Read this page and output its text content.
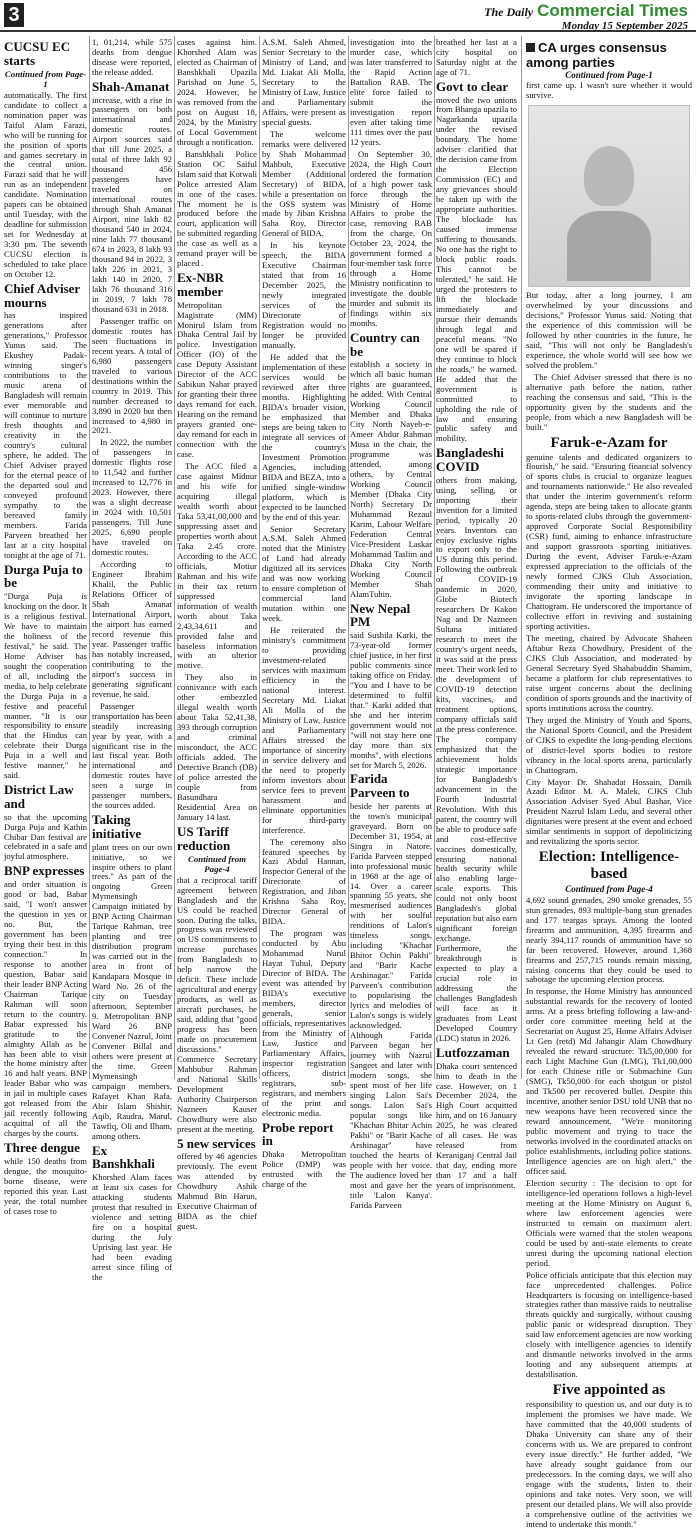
3	The Daily Commercial Times
Monday 15 September 2025
CUCSU EC starts
Continued from Page-1

automatically. The first candidate to collect a nomination paper was Taiful Alam Farazi, who will be running for the position of sports and games secretary in the central union. Farazi said that he will run as an independent candidate. Nomination papers can be obtained until Tuesday, with the deadline for submission set for Wednesday at 3:30 pm. The seventh CUCSU election is scheduled to take place on October 12.

Chief Adviser mourns

has inspired generations after generations," Professor Yunus said. The Ekushey Padak-winning singer's contributions to the music arena of Bangladesh will remain ever memorable and will continue to nurture fresh thoughts and creativity in the country's cultural sphere, he added. The Chief Adviser prayed for the eternal peace of the departed soul and conveyed profound sympathy to the bereaved family members. Farida Parveen breathed her last at a city hospital tonight at the age of 71.

Durga Puja to be

"Durga Puja is knocking on the door. It is a religious festival. We have to maintain the holiness of the festival," he said. The Home Adviser has sought the cooperation of all, including the media, to help celebrate the Durga Puja in a festive and peaceful manner. "It is our responsibility to ensure that the Hindus can celebrate their Durga Puja in a well and festive manner," he said.

District Law and

so that the upcoming Durga Puja and Kathin Chibar Dan festival are celebrated in a safe and joyful atmosphere.

BNP expresses

and order situation is good or bad, Babar said, "I won't answer the question in yes or no. But, the government has been trying their best in this connection." In response to another question, Babar said their leader BNP Acting Chairman Tarique Rahman will soon return to the country. Babar expressed his gratitude to the almighty Allah as he has been able to visit the home ministry after 16 and half years. BNP leader Babar who was in jail in multiple cases got released from the jail recently following acquittal of all the charges by the courts.

Three dengue

while 150 deaths from dengue, the mosquito-borne disease, were reported this year. Last year, the total number of cases rose to

1, 01,214, while 575 deaths from dengue disease were reported, the release added.

Shah-Amanat

increase, with a rise in passengers on both international and domestic routes. Airport sources said that till June 2025, a total of three lakh 92 thousand 456 passengers have traveled on international routes through Shah Amanat Airport, nine lakh 82 thousand 540 in 2024, nine lakh 77 thousand 674 in 2023, 8 lakh 93 thousand 94 in 2022, 3 lakh 226 in 2021, 3 lakh 140 in 2020, 7 lakh 76 thousand 316 in 2019, 7 lakh 78 thousand 631 in 2018.

Passenger traffic on domestic routes has seen fluctuations in recent years. A total of 6,980 passengers traveled to various destinations within the country in 2019. This number decreased to 3,890 in 2020 but then increased to 4,980 in 2021.

In 2022, the number of passengers in domestic flights rose to 11,542 and further increased to 12,776 in 2023. However, there was a slight decrease in 2024 with 10,501 passengers. Till June 2025, 6,690 people have traveled on domestic routes.

According to Engineer Ibrahim Khalil, the Public Relations Officer of Shah Amanat International Airport, the airport has earned record revenue this year. Passenger traffic has notably increased, contributing to the airport's success in generating significant revenue, he said.

Passenger transportation has been steadily increasing year by year, with a significant rise in the last fiscal year. Both international and domestic routes have seen a surge in passenger numbers, the sources added.

Taking initiative

plant trees on our own initiative, so we inspire others to plant trees." As part of the ongoing Green Mymensingh Campaign initiated by BNP Acting Chairman Tarique Rahman, tree planting and tree distribution program was carried out in the area in front of Kandapara Mosque in Ward No. 26 of the city on Tuesday afternoon, September 9. Metropolitan BNP Ward 26 BNP Convener Nazrul, Joint Convener Billal and others were present at the time. Green Mymensingh campaign members, Rafayet Khan Rafa, Abir Islam Shishir, Aqib, Raudra, Marul, Tawfiq, Oli and Ilham, among others.

Ex Banshkhali

Khorshed Alam faces at least six cases for attacking students protest that resulted in violence and setting fire on a hospital during the July Uprising last year. He had been evading arrest since filing of the

cases against him. Khorshed Alam was elected as Chairman of Banshkhali Upazila Parishad on June 5, 2024. However, he was removed from the post on August 18, 2024, by the Ministry of Local Government through a notification.

Banshkhali Police Station OC Saiful Islam said that Kotwali Police arrested Alam in one of the cases. The moment he is produced before the court, application will be submitted regarding the case as well as a remand prayer will be placed .

Ex-NBR member

Metropolitan Magistrate (MM) Monirul Islam from Dhaka Central Jail by police. Investigation Officer (IO) of the case Deputy Assistant Director of the ACC Sabikun Nahar prayed for granting their three days remand for each. Hearing on the remand prayers granted one-day remand for each in connection with the case.

The ACC filed a case against Midnur and his wife for acquiring illegal wealth worth about Taka 53,41,00,000 and suppressing asset and properties worth about Taka 2.45 crore. According to the ACC officials, Motiur Rahman and his wife in their tax return suppressed information of wealth worth about Taka 2,43,34,611 and provided false and baseless information with an ulterior motive.

They also in connivance with each other embezzled illegal wealth worth about Taka 52,41,38, 393 through corruption and criminal misconduct, the ACC officials added. The Detective Branch (DB) of police arrested the couple from Basundhara Residential Area on January 14 last.

US Tariff reduction
Continued from Page-4

that a reciprocal tariff agreement between Bangladesh and the US could be reached soon. During the talks, progress was reviewed on US commitments to increase purchases from Bangladesh to help narrow the deficit. These include agricultural and energy products, as well as aircraft purchases, he said, adding that "good progress has been made on procurement discussions." Commerce Secretary Mahbubur Rahman and National Skills Development Authority Chairperson Nazneen Kauser Chowdhury were also present at the meeting.

5 new services

offered by 46 agencies previously. The event was attended by Chowdhury Ashik Mahmud Bin Harun, Executive Chairman of BIDA as the chief guest.

A.S.M. Saleh Ahmed, Senior Secretary to the Ministry of Land, and Md. Liakat Ali Molla, Secretary to the Ministry of Law, Justice and Parliamentary Affairs, were present as special guests.

The welcome remarks were delivered by Shah Mohammad Mahbub, Executive Member (Additional Secretary) of BIDA, while a presentation on the OSS system was made by Jiban Krishna Saha Roy, Director General of BIDA.

In his keynote speech, the BIDA Executive Chairman stated that from 16 December 2025, the newly integrated services of the Directorate of Registration would no longer be provided manually.

He added that the implementation of these services would be reviewed after three months. Highlighting BIDA's broader vision, he emphasized that steps are being taken to integrate all services of the country's Investment Promotion Agencies, including BIDA and BEZA, into a unified single-window platform, which is expected to be launched by the end of this year.

Senior Secretary A.S.M. Saleh Ahmed noted that the Ministry of Land had already digitized all its services and was now working to ensure completion of commercial land mutation within one week.

He reiterated the ministry's commitment to providing investment-related services with maximum efficiency in the national interest. Secretary Md. Liakat Ali Molla of the Ministry of Law, Justice and Parliamentary Affairs stressed the importance of sincerity in service delivery and the need to properly inform investors about service fees to prevent harassment and eliminate opportunities for third-party interference.

The ceremony also featured speeches by Kazi Abdul Hannan, Inspector General of the Directorate of Registration, and Jiban Krishna Saha Roy, Director General of BIDA.

The program was conducted by Abu Mohammad Nurul Hayat Tuhul, Deputy Director of BIDA. The event was attended by BIDA's executive members, director generals, senior officials, representatives from the Ministry of Law, Justice and Parliamentary Affairs, inspector registration officers, district registrars, sub-registrars, and members of the print and electronic media.

Probe report in

Dhaka Metropolitan Police (DMP) was entrusted with the charge of the

investigation into the murder case, which was later transferred to the Rapid Action Battalion RAB. The elite force failed to submit the investigation report even after taking time 111 times over the past 12 years.

On September 30, 2024, the High Court ordered the formation of a high power task force through the Ministry of Home Affairs to probe the case, removing RAB from the charge. On October 23, 2024, the government formed a four-member task force through a Home Ministry notification to investigate the double murder and submit its findings within six months.

Country can be

establish a society in which all basic human rights are guaranteed, he added. With Central Working Council Member and Dhaka City North Nayeb-e-Ameer Abdur Rahman Musa in the chair, the programme was attended, among others, by Central Working Council Member (Dhaka City North) Secretary Dr Muhammad Rezaul Karim, Labour Welfare Federation Central Vice-President Laskar Mohammad Taslim and Dhaka City North Working Council Member Shah AlamTuhin.

New Nepal PM

said Sushila Karki, the 73-year-old former chief justice, in her first public comments since taking office on Friday. "You and I have to be determined to fulfil that." Karki added that she and her interim government would not "will not stay here one day more than six months", with elections set for March 5, 2026.

Farida Parveen to

beside her parents at the town's municipal graveyard. Born on December 31, 1954, at Singra in Natore, Farida Parveen stepped into professional music in 1968 at the age of 14. Over a career spanning 55 years, she mesmerised audiences with her soulful renditions of Lalon's timeless songs, including "Khachar Bhitor Ochin Pakhi" and "Barir Kache Arshinagar." Farida Parveen's contribution to popularising the lyrics and melodies of Lalon's songs is widely acknowledged. Although Farida Parveen began her journey with Nazrul Sangeet and later with modern songs, she spent most of her life singing Lalon Sai's songs. Lalon Sai's popular songs like "Khachan Bhitar Achin Pakhi" or "Barir Kache Arshinagar" have touched the hearts of people with her voice. The audience loved her most and gave her the title 'Lalon Kanya'. Farida Parveen

breathed her last at a city hospital on Saturday night at the age of 71.

Govt to clear

moved the two unions from Bhanga upazila to Nagarkanda upazila under the revised boundary. The home adviser clarified that the decision came from the Election Commission (EC) and any grievances should be taken up with the appropriate authorities. The blockade has caused immense suffering to thousands. No one has the right to block public roads. This cannot be tolerated," he said. He urged the protesters to lift the blockade immediately and pursue their demands through legal and peaceful means. "No one will be spared if they continue to block the roads," he warned. He added that the government is committed to upholding the rule of law and ensuring public safety and mobility.

Bangladeshi COVID

others from making, using, selling, or importing their invention for a limited period, typically 20 years. Inventors can enjoy exclusive rights to export only to the US during this period. Following the outbreak of COVID-19 pandemic in 2020, Globe Biotech researchers Dr Kakon Nag and Dr Nazneen Sultana initiated research to meet the country's urgent needs, it was said at the press meet. Their work led to the development of COVID-19 detection kits, vaccines, and treatment options, company officials said at the press conference. The company emphasized that the achievement holds strategic importance for Bangladesh's advancement in the Fourth Industrial Revolution. With this patent, the country will be able to produce safe and cost-effective vaccines domestically, ensuring national health security while also enabling large-scale exports. This could not only boost Bangladesh's global reputation but also earn significant foreign exchange. Furthermore, the breakthrough is expected to play a crucial role in addressing the challenges Bangladesh will face as it graduates from Least Developed Country (LDC) status in 2026.

Lutfozzaman

Dhaka court sentenced him to death in the case. However, on 1 December 2024, the High Court acquitted him, and on 16 January 2025, he was cleared of all cases. He was released from Keraniganj Central Jail that day, ending more than 17 and a half years of imprisonment.

CA urges consensus among parties
Continued from Page-1

first came up. I wasn't sure whether it would survive.

But today, after a long journey, I am overwhelmed by your discussions and decisions," Professor Yunus said. Noting that the experience of this commission will be followed by other countries in the future, he said, "This will not only be Bangladesh's experience, the whole world will see how we solved the problem."

The Chief Adviser stressed that there is no alternative path before the nation, rather reaching the consensus and said, "This is the opportunity given by the students and the people, from which a new Bangladesh will be built."

Faruk-e-Azam for

genuine talents and dedicated organizers to flourish," he said. "Ensuring financial solvency of sports clubs is crucial to organize leagues and tournaments nationwide." He also revealed that under the interim government's reform agenda, steps are being taken to allocate grants to sports-related clubs through the government-approved Corporate Social Responsibility (CSR) fund, aiming to enhance infrastructure and support grassroots sporting initiatives. During the event, Adviser Faruk-e-Azam expressed appreciation to the officials of the newly formed CJKS Club Association, commending their unity and initiative to invigorate the sporting landscape in Chattogram. He underscored the importance of collective effort in reviving and sustaining sporting activities.

The meeting, chaired by Advocate Shaheen Aftabur Reza Chowdhury, President of the CJKS Club Association, and moderated by General Secretary Syed Shahabuddin Shamim, became a platform for club representatives to raise urgent concerns about the declining condition of sports grounds and the inactivity of sports institutions across the country.

They urged the Ministry of Youth and Sports, the National Sports Council, and the President of CJKS to expedite the long-pending elections of district-level sports bodies to restore vibrancy in the local sports arena, particularly in Chattogram.

City Mayor Dr. Shahadat Hossain, Damik Azadi Editor M. A. Malek, CJKS Club Association Adviser Syed Abul Bashar, Vice President Nazrul Islam Ledu, and several other dignitaries were present at the event and echoed similar sentiments in support of depoliticizing and revitalizing the sports sector.

Election: Intelligence-based
Continued from Page-4

4,692 sound grenades, 290 smoke grenades, 55 stun grenades, 893 multiple-bang stun grenades and 177 teargas sprays. Among the looted firearms and ammunition, 4,395 firearms and nearly 394,117 rounds of ammunition have so far been recovered. However, around 1,368 firearms and 257,715 rounds remain missing, raising concerns that they could be used to sabotage the upcoming election process.

In response, the Home Ministry has announced substantial rewards for the recovery of looted arms. At a press briefing following a law-and-order core committee meeting held at the Secretariat on August 25, Home Affairs Adviser Lt Gen (retd) Md Jahangir Alam Chowdhury revealed the reward structure: Tk5,00,000 for each Light Machine Gun (LMG), Tk1,00,000 for each Chinese rifle or Submachine Gun (SMG), Tk50,000 for each shotgun or pistol and Tk500 per recovered bullet. Despite this incentive, another senior DSU told UNB that no new weapons have been recovered since the reward announcement. "We're monitoring public movement and trying to trace the networks involved in the coordinated attacks on police establishments, including police stations. Intelligence agencies are on high alert," the officer said.

Election security : The decision to opt for intelligence-led operations follows a high-level meeting at the Home Ministry on August 6, where law enforcement agencies were instructed to remain on maximum alert. Officials were warned that the stolen weapons could be used by anti-state elements to create unrest during the upcoming national election period.

Police officials anticipate that this election may face unprecedented challenges. Police Headquarters is focusing on intelligence-based strategies rather than massive raids to neutralise threats quickly and surgically, without causing public panic or widespread disruption. They said law enforcement agencies are now working closely with intelligence agencies to identify and dismantle networks involved in the arms looting and any subsequent attempts at destabilisation.

Five appointed as

responsibility to question us, and our duty is to implement the promises we have made. We have committed that the 40,000 students of Dhaka University can share any of their concerns with us. We are prepared to confront every issue directly." He further added, "We have already sought guidance from our predecessors. In the coming days, we will also engage with the students, listen to their opinions and take notes. Very soon, we will present our detailed plans. We will also provide a comprehensive outline of the activities we intend to undertake this month."
